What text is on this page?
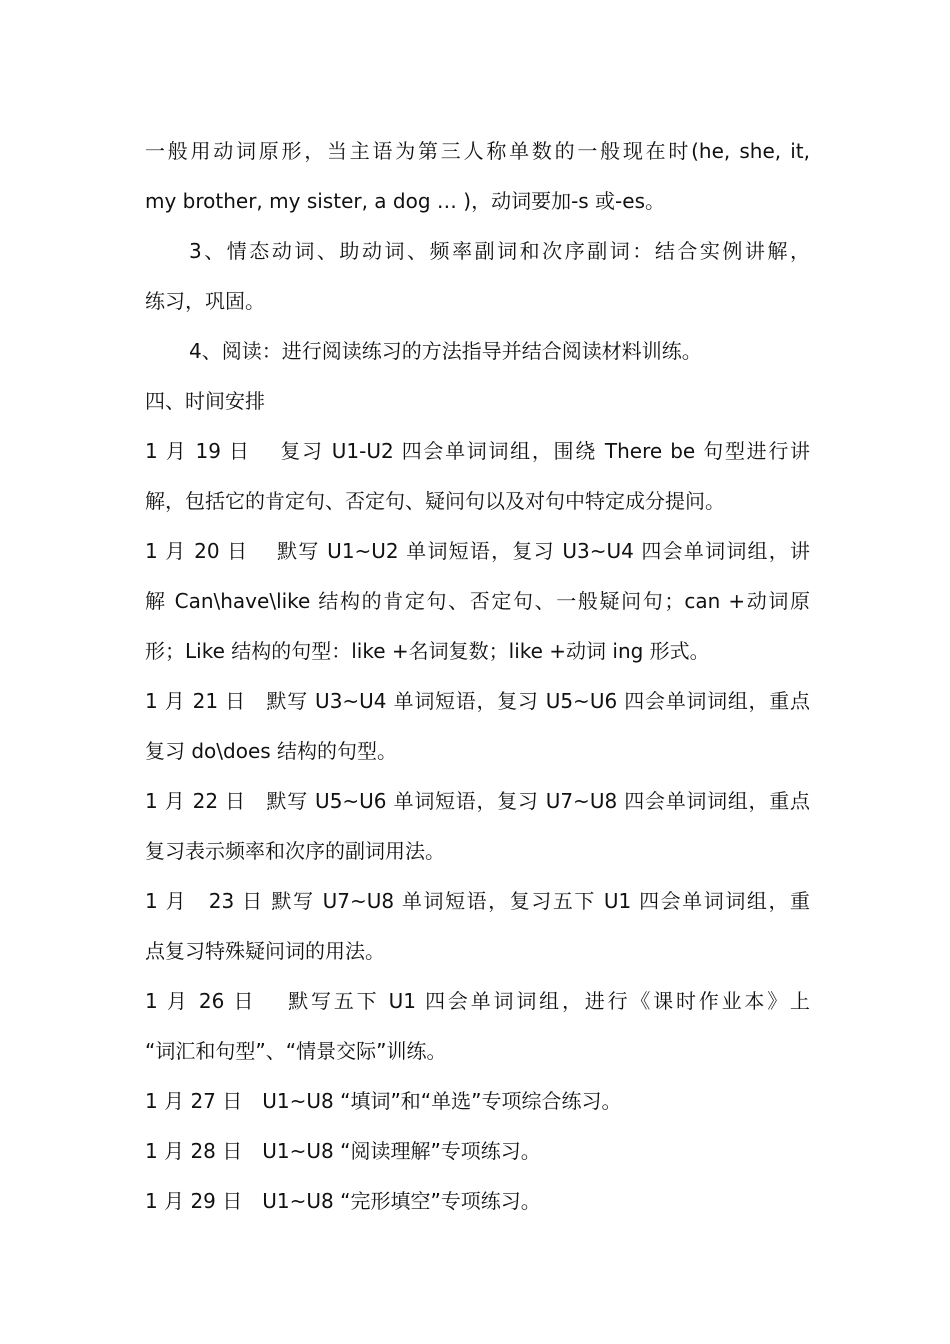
一般用动词原形，当主语为第三人称单数的一般现在时(he, she, it,
my brother, my sister, a dog … )，动词要加-s 或-es。
3、情态动词、助动词、频率副词和次序副词：结合实例讲解，
练习，巩固。
4、阅读：进行阅读练习的方法指导并结合阅读材料训练。
四、时间安排
1 月 19 日　 复习 U1-U2 四会单词词组，围绕 There be 句型进行讲
解，包括它的肯定句、否定句、疑问句以及对句中特定成分提问。
1 月 20 日　 默写 U1~U2 单词短语，复习 U3~U4 四会单词词组，讲
解 Can\have\like 结构的肯定句、否定句、一般疑问句；can +动词原
形；Like 结构的句型：like +名词复数；like +动词 ing 形式。
1 月 21 日　默写 U3~U4 单词短语，复习 U5~U6 四会单词词组，重点
复习 do\does 结构的句型。
1 月 22 日　默写 U5~U6 单词短语，复习 U7~U8 四会单词词组，重点
复习表示频率和次序的副词用法。
1 月　23 日 默写 U7~U8 单词短语，复习五下 U1 四会单词词组，重
点复习特殊疑问词的用法。
1 月 26 日　 默写五下 U1 四会单词词组，进行《课时作业本》上
“词汇和句型”、“情景交际”训练。
1 月 27 日　U1~U8 “填词”和“单选”专项综合练习。
1 月 28 日　U1~U8 “阅读理解”专项练习。
1 月 29 日　U1~U8 “完形填空”专项练习。
